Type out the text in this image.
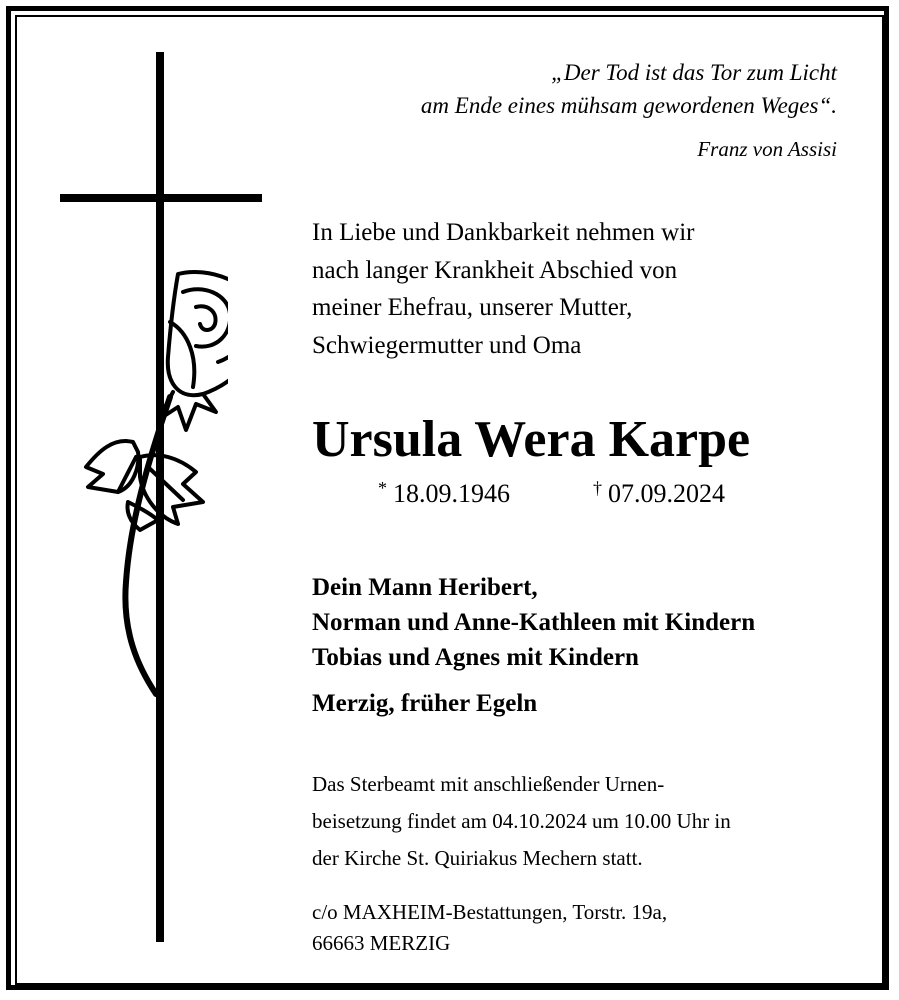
„Der Tod ist das Tor zum Licht
am Ende eines mühsam gewordenen Weges“.
Franz von Assisi
In Liebe und Dankbarkeit nehmen wir
nach langer Krankheit Abschied von
meiner Ehefrau, unserer Mutter,
Schwiegermutter und Oma
Ursula Wera Karpe
* 18.09.1946	† 07.09.2024
Dein Mann Heribert,
Norman und Anne-Kathleen mit Kindern
Tobias und Agnes mit Kindern
Merzig, früher Egeln
Das Sterbeamt mit anschließender Urnen-
beisetzung findet am 04.10.2024 um 10.00 Uhr in
der Kirche St. Quiriakus Mechern statt.
c/o MAXHEIM-Bestattungen, Torstr. 19a,
66663 MERZIG
